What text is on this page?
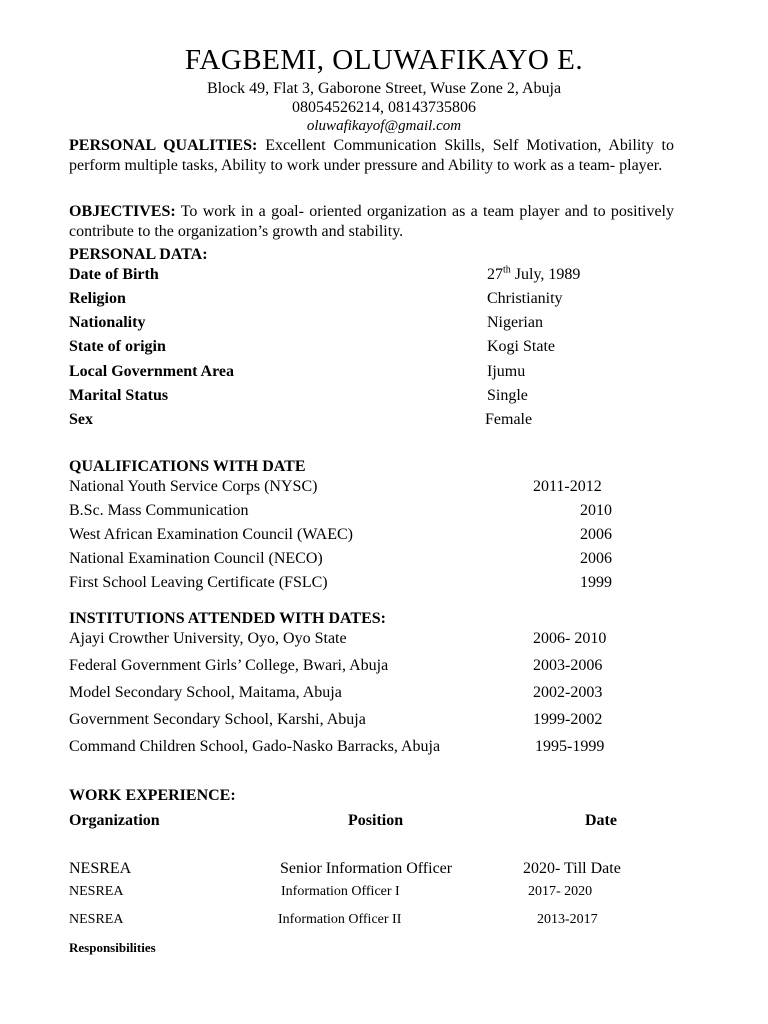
FAGBEMI, OLUWAFIKAYO E.
Block 49, Flat 3, Gaborone Street, Wuse Zone 2, Abuja
08054526214, 08143735806
oluwafikayof@gmail.com
PERSONAL QUALITIES: Excellent Communication Skills, Self Motivation, Ability to perform multiple tasks, Ability to work under pressure and Ability to work as a team- player.
OBJECTIVES: To work in a goal- oriented organization as a team player and to positively contribute to the organization’s growth and stability.
PERSONAL DATA:
Date of Birth	27th July, 1989
Religion	Christianity
Nationality	Nigerian
State of origin	Kogi State
Local Government Area	Ijumu
Marital Status	Single
Sex	Female
QUALIFICATIONS WITH DATE
National Youth Service Corps (NYSC)	2011-2012
B.Sc. Mass Communication	2010
West African Examination Council (WAEC)	2006
National Examination Council (NECO)	2006
First School Leaving Certificate (FSLC)	1999
INSTITUTIONS ATTENDED WITH DATES:
Ajayi Crowther University, Oyo, Oyo State	2006- 2010
Federal Government Girls’ College, Bwari, Abuja	2003-2006
Model Secondary School, Maitama, Abuja	2002-2003
Government Secondary School, Karshi, Abuja	1999-2002
Command Children School, Gado-Nasko Barracks, Abuja	1995-1999
WORK EXPERIENCE:
Organization	Position	Date
NESREA	Senior Information Officer	2020- Till Date
NESREA	Information Officer I	2017- 2020
NESREA	Information Officer II	2013-2017
Responsibilities
